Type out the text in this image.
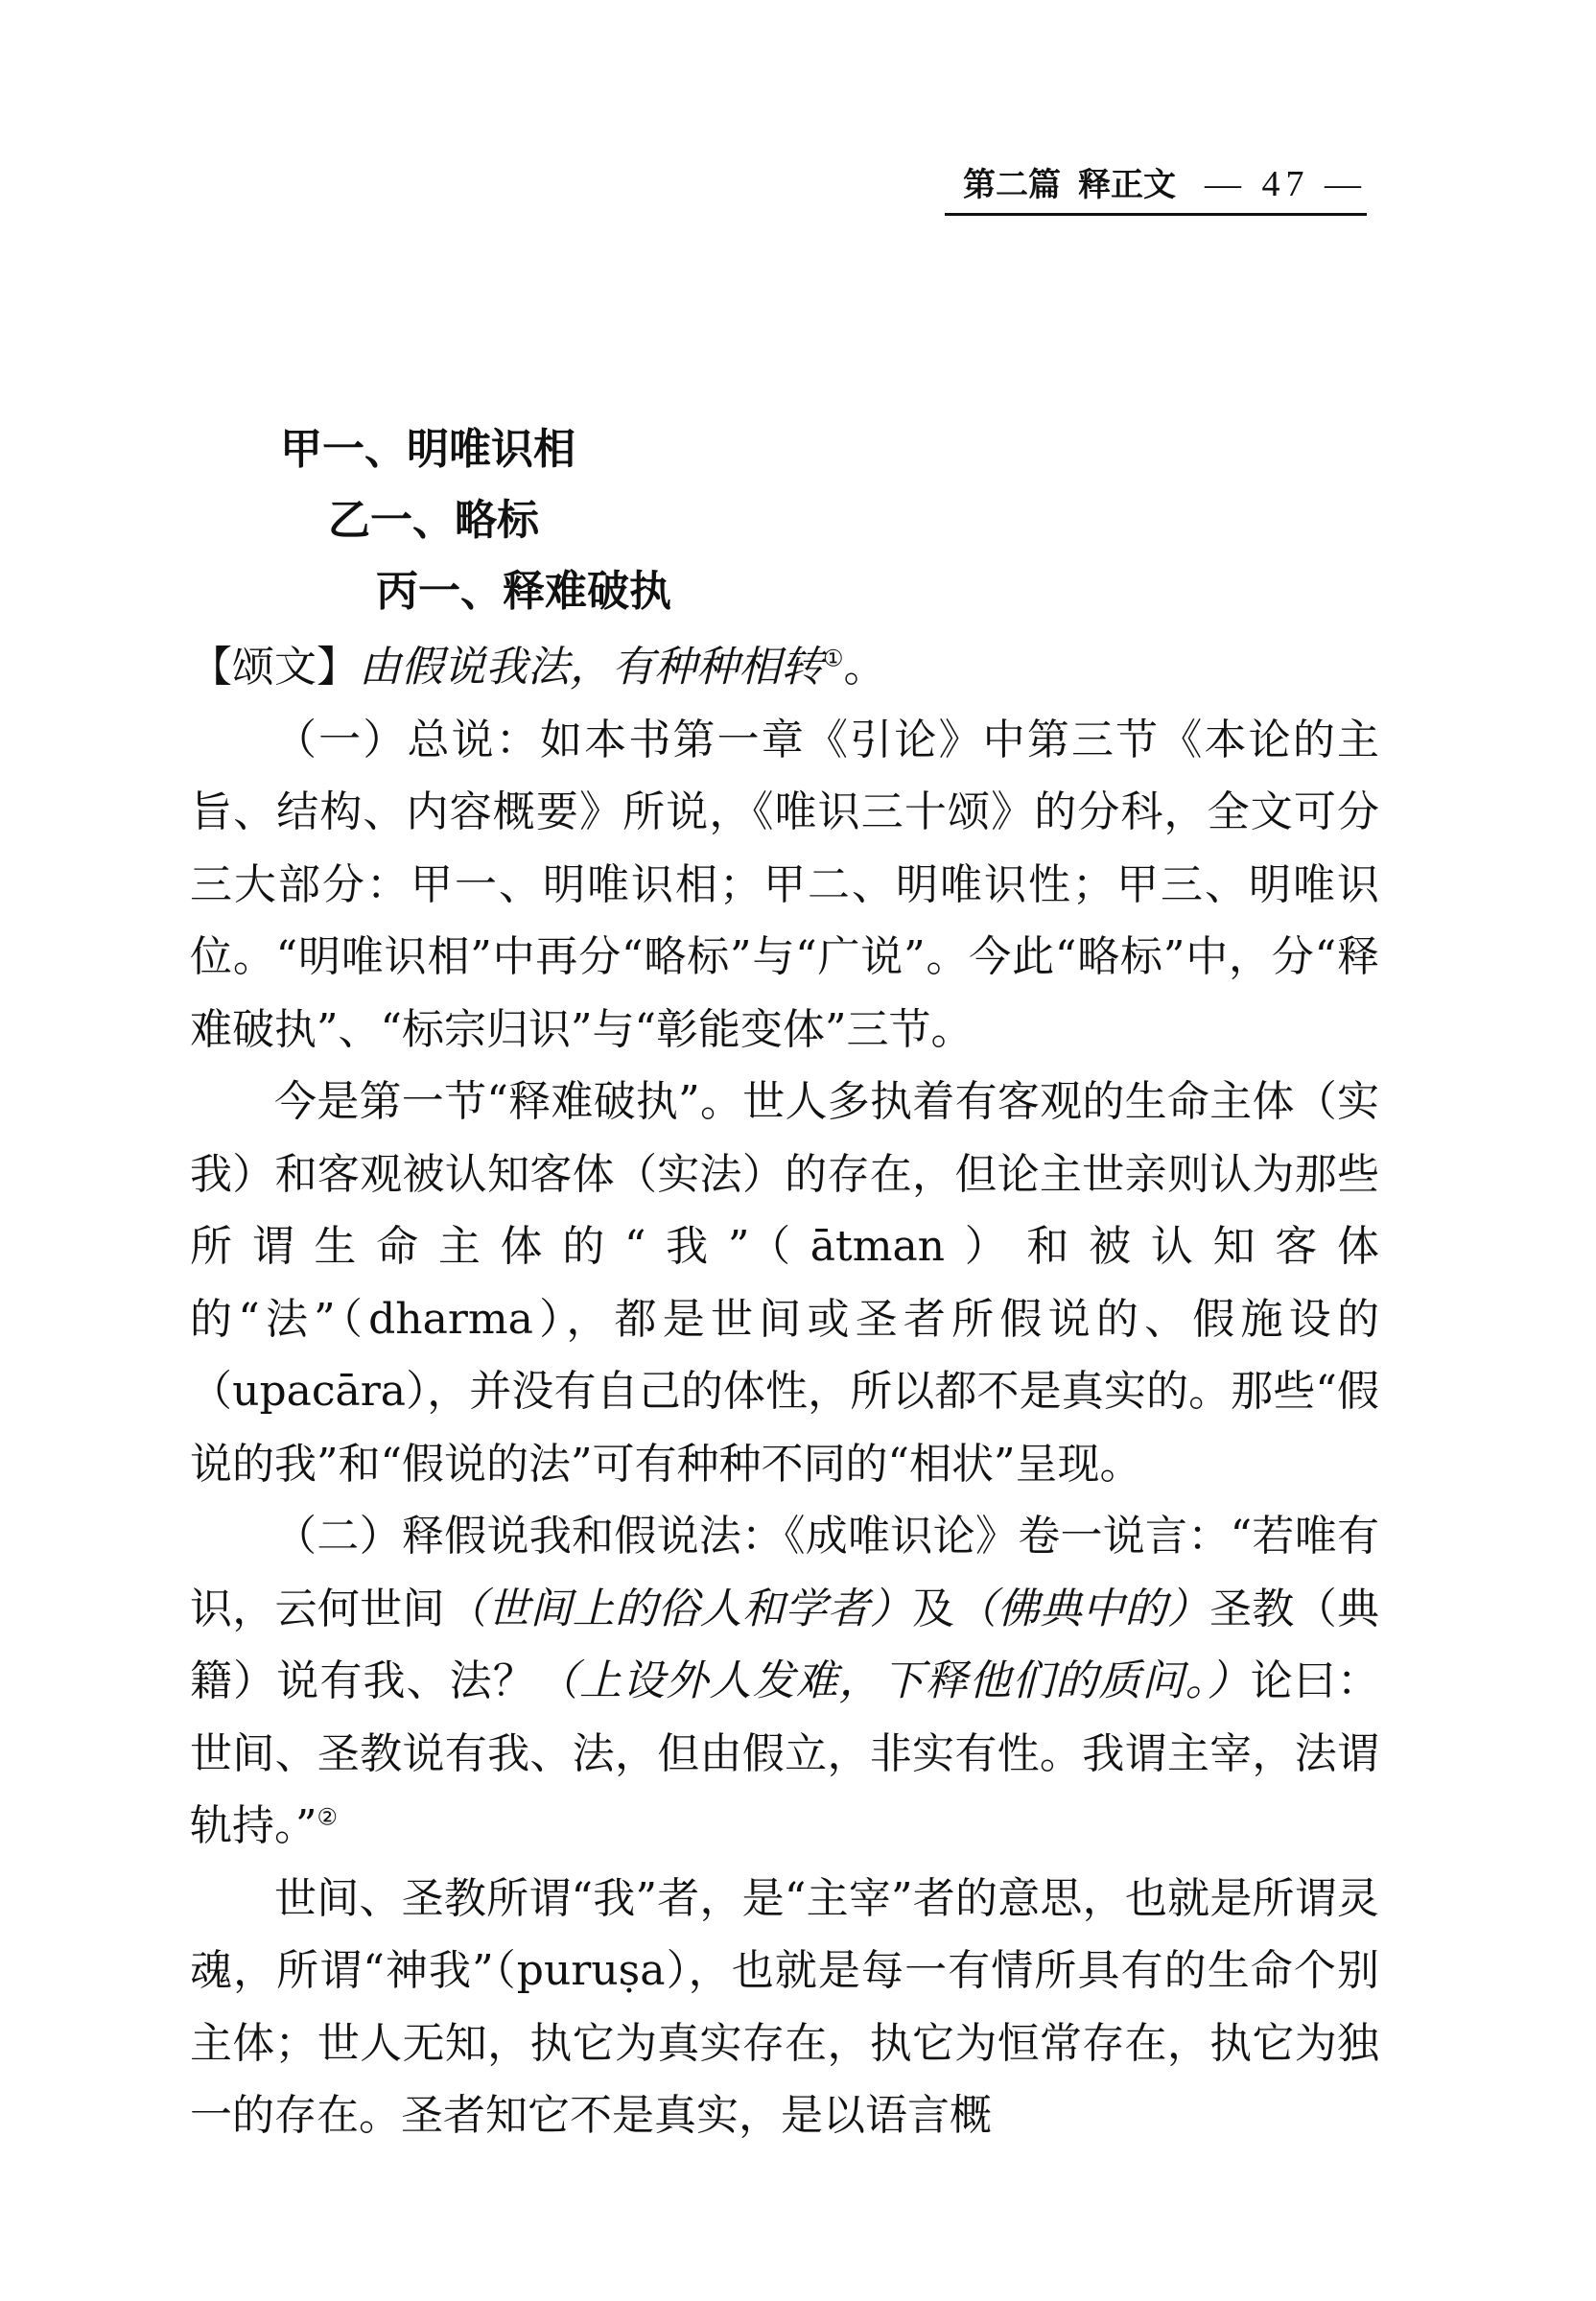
第二篇 释正文 — 47 —
甲一、明唯识相
乙一、略标
丙一、释难破执

【颂文】由假说我法，有种种相转①。

（一）总说：如本书第一章《引论》中第三节《本论的主旨、结构、内容概要》所说，《唯识三十颂》的分科，全文可分三大部分：甲一、明唯识相；甲二、明唯识性；甲三、明唯识位。“明唯识相”中再分“略标”与“广说”。今此“略标”中，分“释难破执”、“标宗归识”与“彰能变体”三节。

今是第一节“释难破执”。世人多执着有客观的生命主体（实我）和客观被认知客体（实法）的存在，但论主世亲则认为那些所谓生命主体的“我”（ātman）和被认知客体的“法”（dharma），都是世间或圣者所假说的、假施设的（upacāra），并没有自己的体性，所以都不是真实的。那些“假说的我”和“假说的法”可有种种不同的“相状”呈现。

（二）释假说我和假说法：《成唯识论》卷一说言：“若唯有识，云何世间（世间上的俗人和学者）及（佛典中的）圣教（典籍）说有我、法？（上设外人发难，下释他们的质问。）论曰：世间、圣教说有我、法，但由假立，非实有性。我谓主宰，法谓轨持。”②

世间、圣教所谓“我”者，是“主宰”者的意思，也就是所谓灵魂，所谓“神我”（puruṣa），也就是每一有情所具有的生命个别主体；世人无知，执它为真实存在，执它为恒常存在，执它为独一的存在。圣者知它不是真实，是以语言概
